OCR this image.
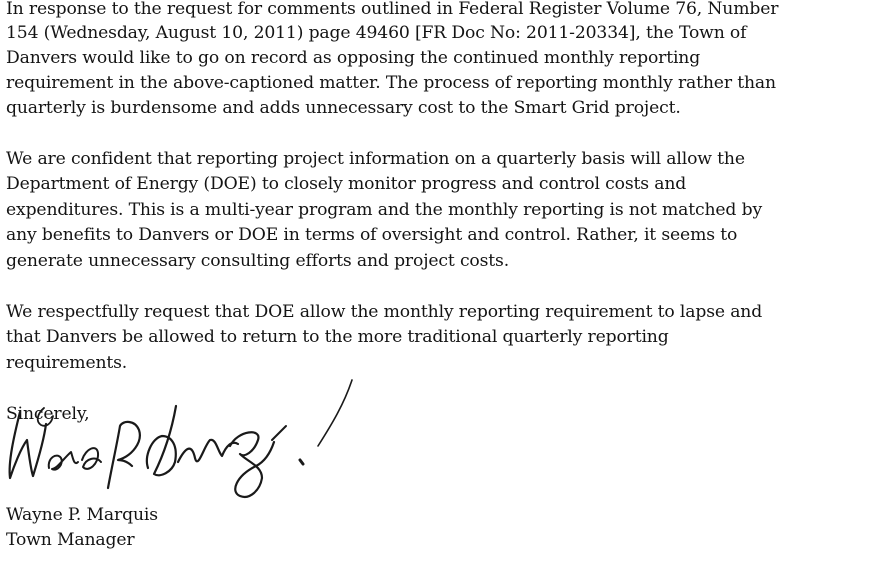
In response to the request for comments outlined in Federal Register Volume 76, Number
154 (Wednesday, August 10, 2011) page 49460 [FR Doc No: 2011-20334], the Town of
Danvers would like to go on record as opposing the continued monthly reporting
requirement in the above-captioned matter. The process of reporting monthly rather than
quarterly is burdensome and adds unnecessary cost to the Smart Grid project.
We are confident that reporting project information on a quarterly basis will allow the
Department of Energy (DOE) to closely monitor progress and control costs and
expenditures. This is a multi-year program and the monthly reporting is not matched by
any benefits to Danvers or DOE in terms of oversight and control. Rather, it seems to
generate unnecessary consulting efforts and project costs.
We respectfully request that DOE allow the monthly reporting requirement to lapse and
that Danvers be allowed to return to the more traditional quarterly reporting
requirements.
Sincerely,
Wayne P. Marquis
Town Manager
